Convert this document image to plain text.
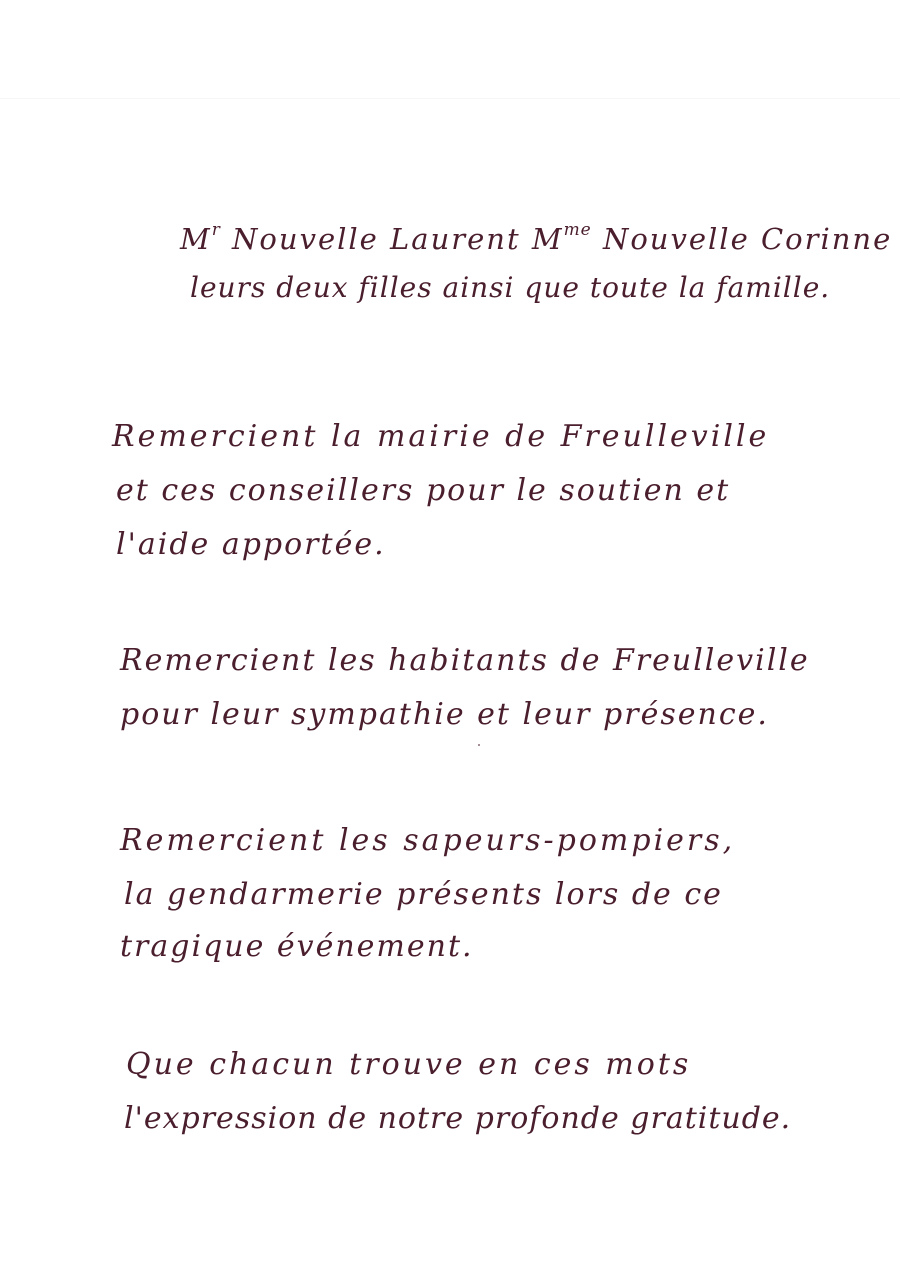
$M^r$ Nouvelle Laurent $M^{me}$ Nouvelle Corinne
leurs deux filles ainsi que toute la famille.
Remercient la mairie de Freulleville
et ces conseillers pour le soutien et
l'aide apportée.
Remercient les habitants de Freulleville
pour leur sympathie et leur présence.
Remercient les sapeurs-pompiers,
la gendarmerie présents lors de ce
tragique événement.
Que chacun trouve en ces mots
l'expression de notre profonde gratitude.
